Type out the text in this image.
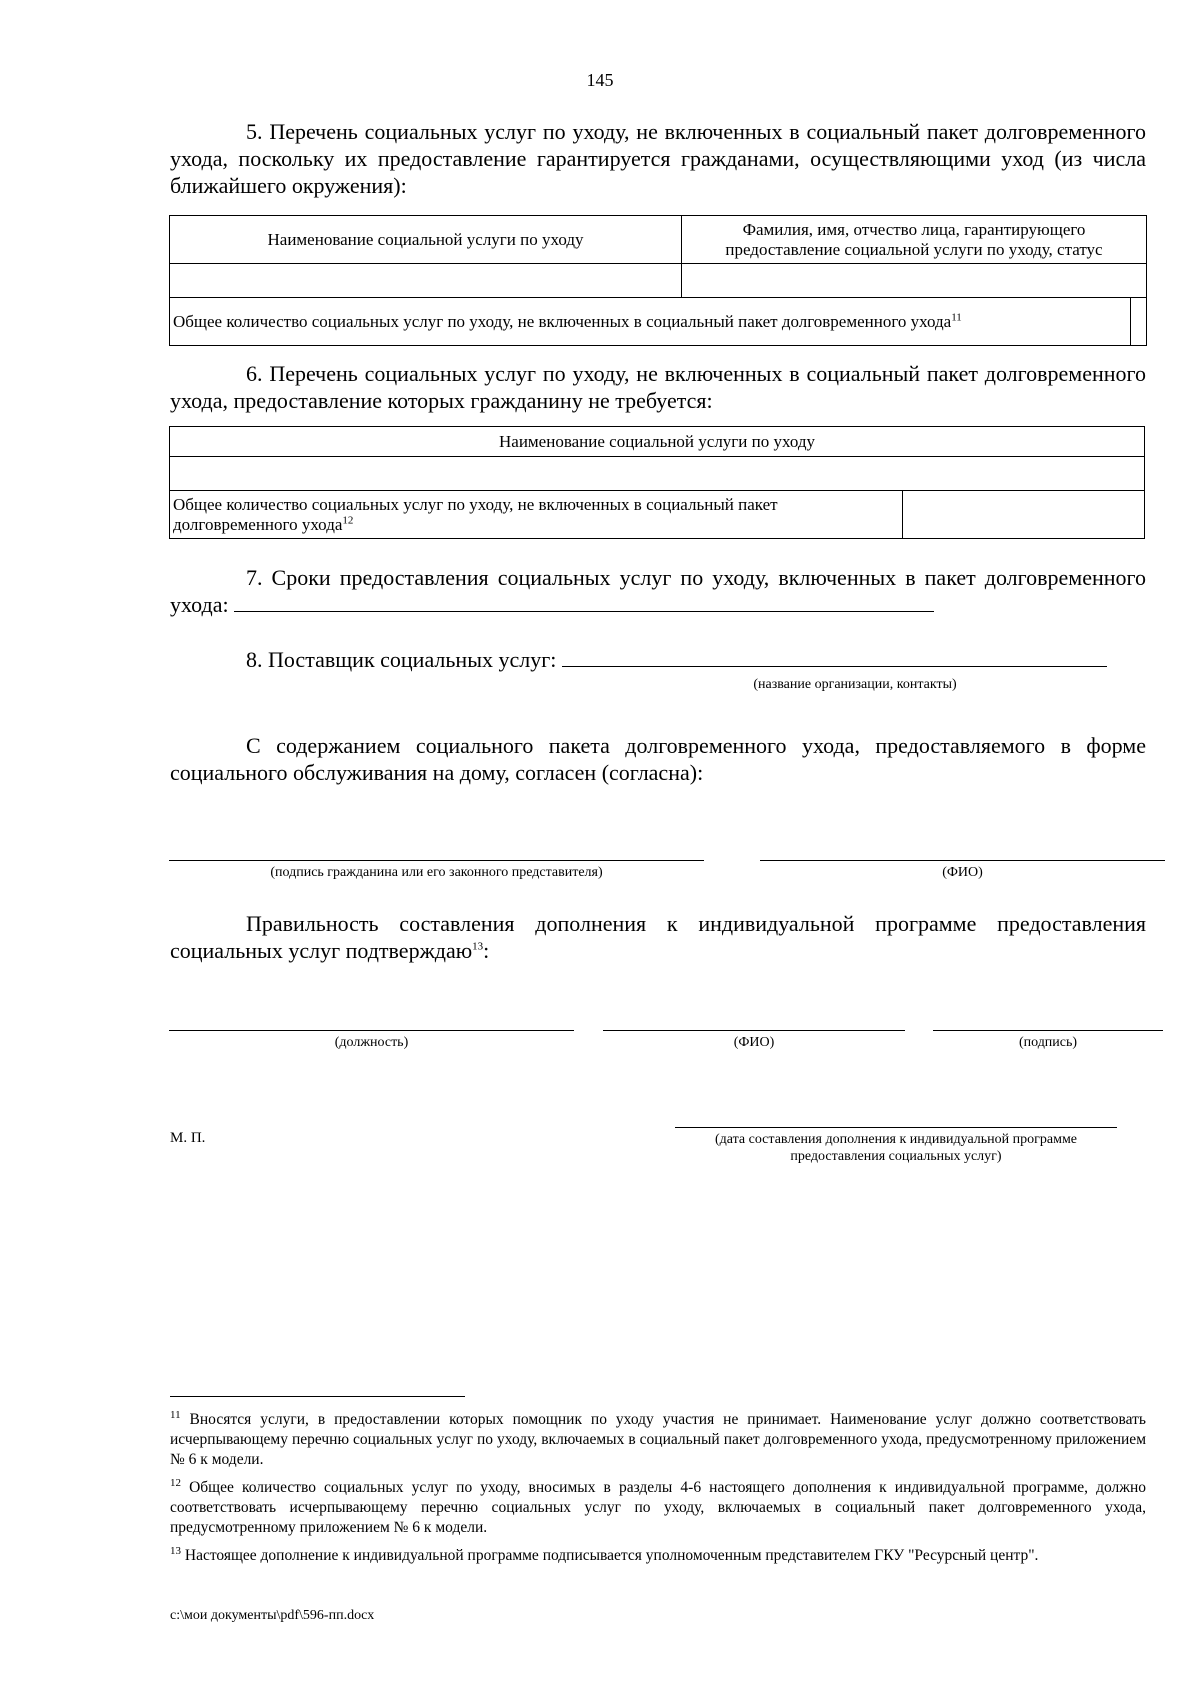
145
5. Перечень социальных услуг по уходу, не включенных в социальный пакет долговременного ухода, поскольку их предоставление гарантируется гражданами, осуществляющими уход (из числа ближайшего окружения):
Наименование социальной услуги по уходу	Фамилия, имя, отчество лица, гарантирующего предоставление социальной услуги по уходу, статус	

Общее количество социальных услуг по уходу, не включенных в социальный пакет долговременного ухода$^{11}$	
6. Перечень социальных услуг по уходу, не включенных в социальный пакет долговременного ухода, предоставление которых гражданину не требуется:
Наименование социальной услуги по уходу

Общее количество социальных услуг по уходу, не включенных в социальный пакет долговременного ухода$^{12}$	
7. Сроки предоставления социальных услуг по уходу, включенных в пакет долговременного ухода:
8. Поставщик социальных услуг:
(название организации, контакты)
С содержанием социального пакета долговременного ухода, предоставляемого в форме социального обслуживания на дому, согласен (согласна):
(подпись гражданина или его законного представителя)	(ФИО)
Правильность составления дополнения к индивидуальной программе предоставления социальных услуг подтверждаю$^{13}$:
(должность)	(ФИО)	(подпись)
М. П.	(дата составления дополнения к индивидуальной программе предоставления социальных услуг)
$^{11}$ Вносятся услуги, в предоставлении которых помощник по уходу участия не принимает. Наименование услуг должно соответствовать исчерпывающему перечню социальных услуг по уходу, включаемых в социальный пакет долговременного ухода, предусмотренному приложением № 6 к модели.
$^{12}$ Общее количество социальных услуг по уходу, вносимых в разделы 4-6 настоящего дополнения к индивидуальной программе, должно соответствовать исчерпывающему перечню социальных услуг по уходу, включаемых в социальный пакет долговременного ухода, предусмотренному приложением № 6 к модели.
$^{13}$ Настоящее дополнение к индивидуальной программе подписывается уполномоченным представителем ГКУ "Ресурсный центр".
c:\мои документы\pdf\596-пп.docx
